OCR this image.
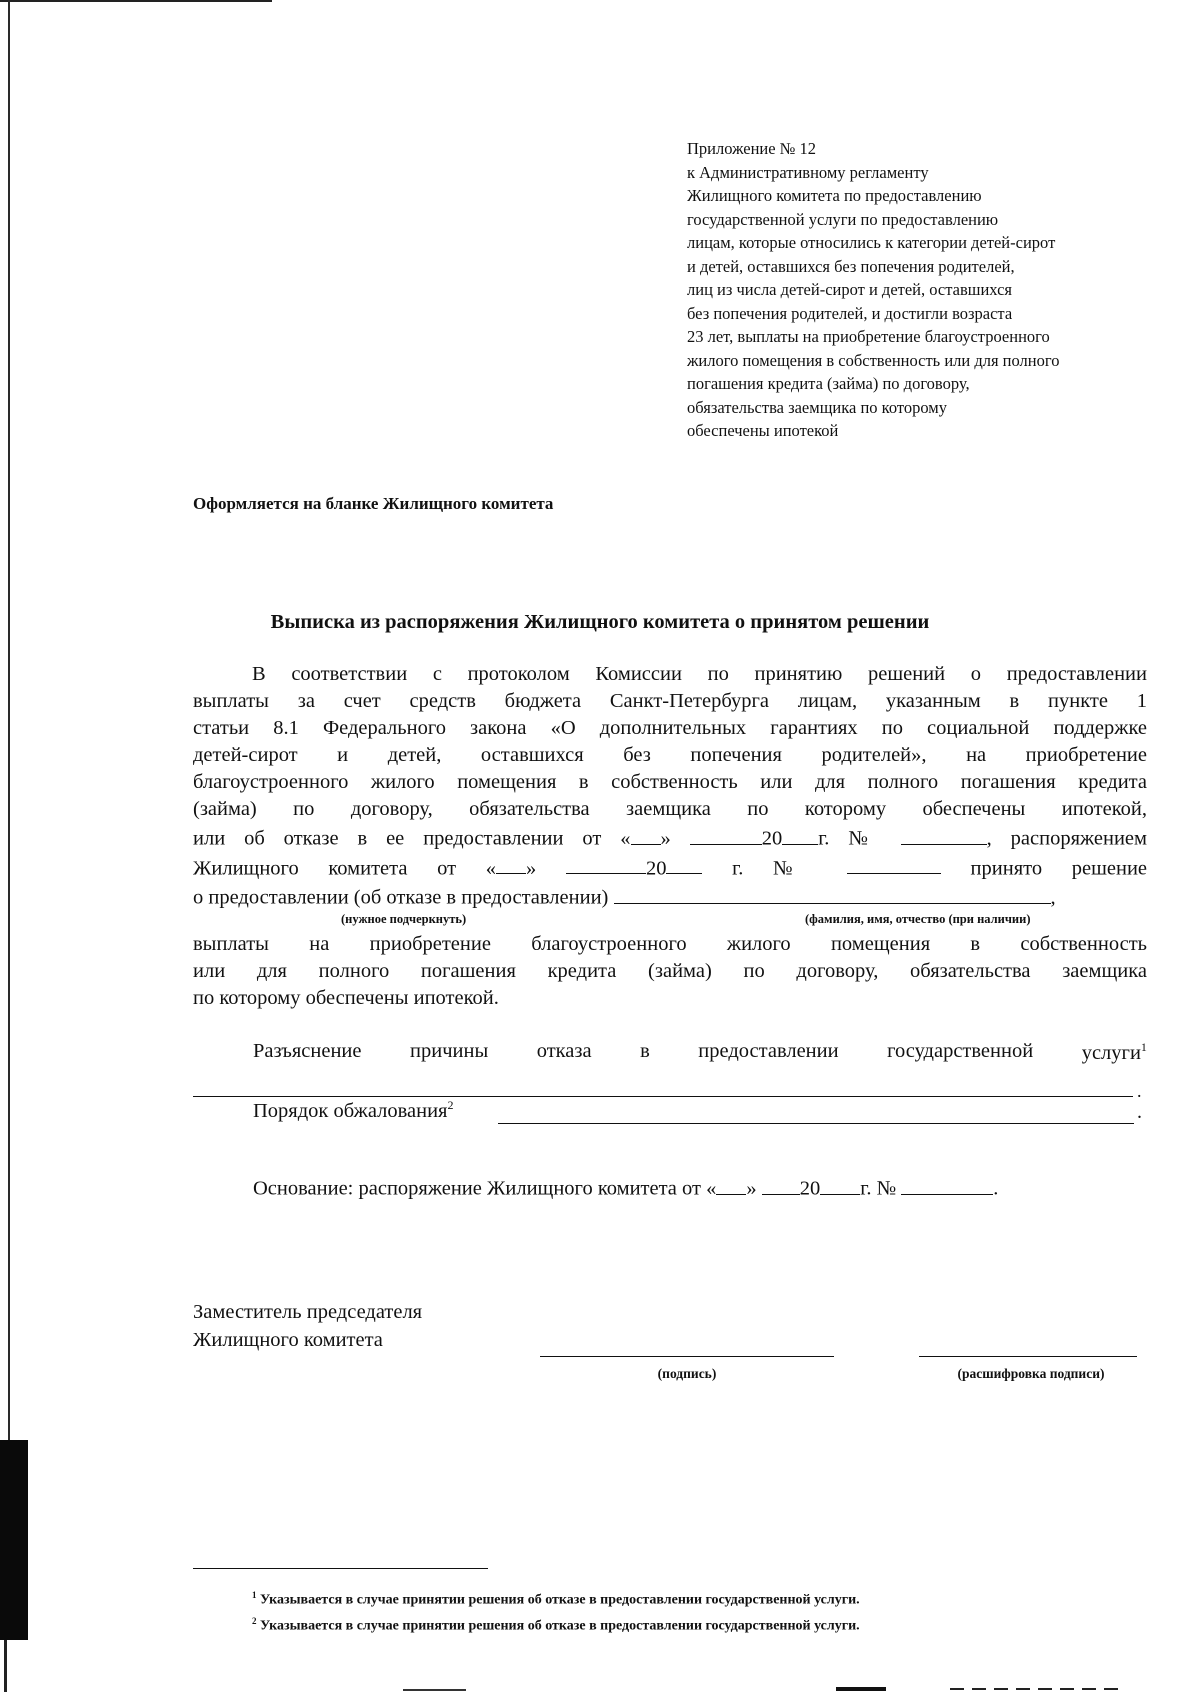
Приложение № 12
к Административному регламенту
Жилищного комитета по предоставлению
государственной услуги по предоставлению
лицам, которые относились к категории детей-сирот
и детей, оставшихся без попечения родителей,
лиц из числа детей-сирот и детей, оставшихся
без попечения родителей, и достигли возраста
23 лет, выплаты на приобретение благоустроенного
жилого помещения в собственность или для полного
погашения кредита (займа) по договору,
обязательства заемщика по которому
обеспечены ипотекой
Оформляется на бланке Жилищного комитета
Выписка из распоряжения Жилищного комитета о принятом решении
В соответствии с протоколом Комиссии по принятию решений о предоставлении
выплаты за счет средств бюджета Санкт-Петербурга лицам, указанным в пункте 1
статьи 8.1 Федерального закона «О дополнительных гарантиях по социальной поддержке
детей-сирот и детей, оставшихся без попечения родителей», на приобретение
благоустроенного жилого помещения в собственность или для полного погашения кредита
(займа) по договору, обязательства заемщика по которому обеспечены ипотекой,
или об отказе в ее предоставлении от « »	20 г. №	, распоряжением
Жилищного комитета от « »	20	г. №	принято решение
о предоставлении (об отказе в предоставлении)	,
(нужное подчеркнуть)	(фамилия, имя, отчество (при наличии)
выплаты на приобретение благоустроенного жилого помещения в собственность
или для полного погашения кредита (займа) по договору, обязательства заемщика
по которому обеспечены ипотекой.
Разъяснение причины отказа в предоставлении государственной услуги$^1$
.
Порядок обжалования$^2$	.
Основание: распоряжение Жилищного комитета от « » 20 г. №	.
Заместитель председателя
Жилищного комитета
(подпись)	(расшифровка подписи)
$^1$ Указывается в случае принятии решения об отказе в предоставлении государственной услуги.
$^2$ Указывается в случае принятии решения об отказе в предоставлении государственной услуги.
